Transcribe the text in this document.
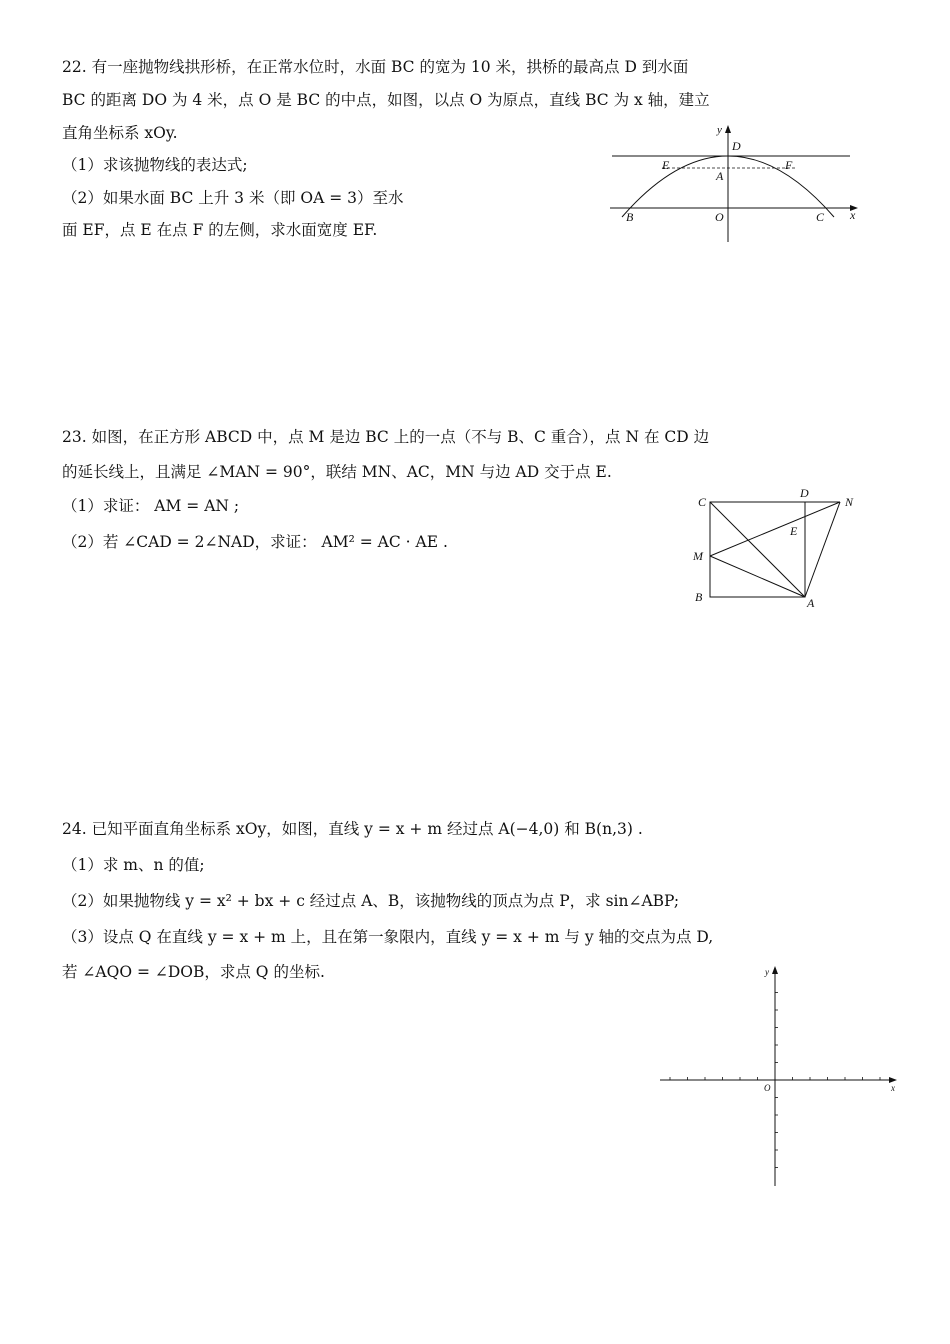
22. 有一座抛物线拱形桥，在正常水位时，水面 BC 的宽为 10 米，拱桥的最高点 D 到水面
BC 的距离 DO 为 4 米，点 O 是 BC 的中点，如图，以点 O 为原点，直线 BC 为 x 轴，建立
直角坐标系 xOy.
（1）求该抛物线的表达式;
（2）如果水面 BC 上升 3 米（即 OA = 3）至水
面 EF，点 E 在点 F 的左侧，求水面宽度 EF.
y
D
E	F
A
B	O	C x
23. 如图，在正方形 ABCD 中，点 M 是边 BC 上的一点（不与 B、C 重合），点 N 在 CD 边
的延长线上，且满足 ∠MAN = 90°，联结 MN、AC，MN 与边 AD 交于点 E.
（1）求证： AM = AN ;
（2）若 ∠CAD = 2∠NAD，求证： AM² = AC · AE .
C
D
N
E
M
B	A
24. 已知平面直角坐标系 xOy，如图，直线 y = x + m 经过点 A(−4,0) 和 B(n,3) .
（1）求 m、n 的值;
（2）如果抛物线 y = x² + bx + c 经过点 A、B，该抛物线的顶点为点 P，求 sin∠ABP;
（3）设点 Q 在直线 y = x + m 上，且在第一象限内，直线 y = x + m 与 y 轴的交点为点 D,
若 ∠AQO = ∠DOB，求点 Q 的坐标.	y
x
O
